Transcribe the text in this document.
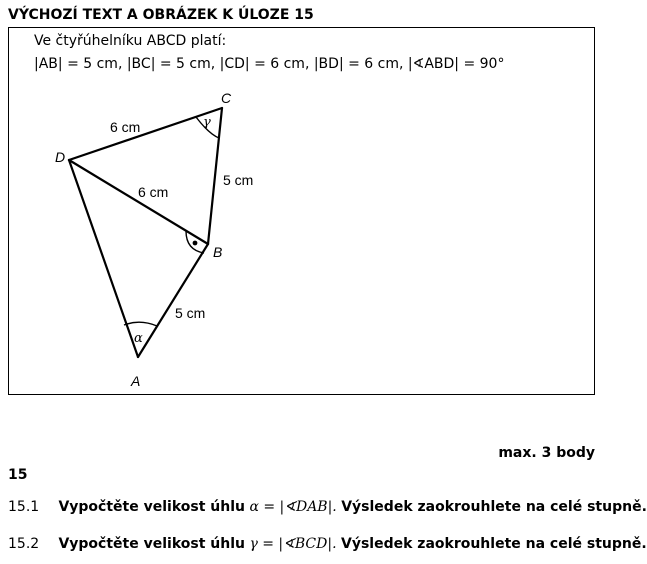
VÝCHOZÍ TEXT A OBRÁZEK K ÚLOZE 15
Ve čtyřúhelníku ABCD platí:
|AB| = 5 cm, |BC| = 5 cm, |CD| = 6 cm, |BD| = 6 cm, |∢ABD| = 90°
A
B
C
D
6 cm
6 cm
5 cm
5 cm
α
γ
max. 3 body
15
15.1 Vypočtěte velikost úhlu α = |∢DAB|. Výsledek zaokrouhlete na celé stupně.
15.2 Vypočtěte velikost úhlu γ = |∢BCD|. Výsledek zaokrouhlete na celé stupně.
